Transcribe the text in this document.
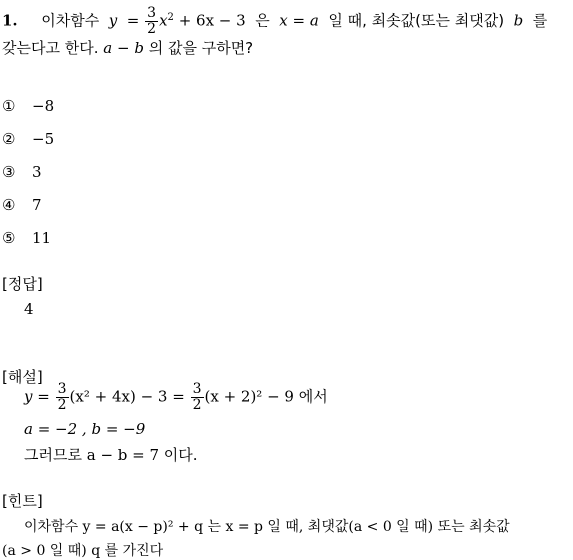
1. 이차함수 $y = \frac{3}{2} x^2 + 6x - 3$ 은 x = a 일 때, 최솟값(또는 최댓값) b 를
갖는다고 한다. a − b 의 값을 구하면?
① −8
② −5
③ 3
④ 7
⑤ 11
[정답]
4
[해설]
$y = \frac{3}{2} (x^2 + 4x) - 3 = \frac{3}{2} (x + 2)^2 - 9$ 에서
a = −2 , b = −9
그러므로 a − b = 7 이다.
[힌트]
이차함수 y = a(x − p)² + q 는 x = p 일 때, 최댓값(a < 0 일 때) 또는 최솟값
(a > 0 일 때) q 를 가진다
